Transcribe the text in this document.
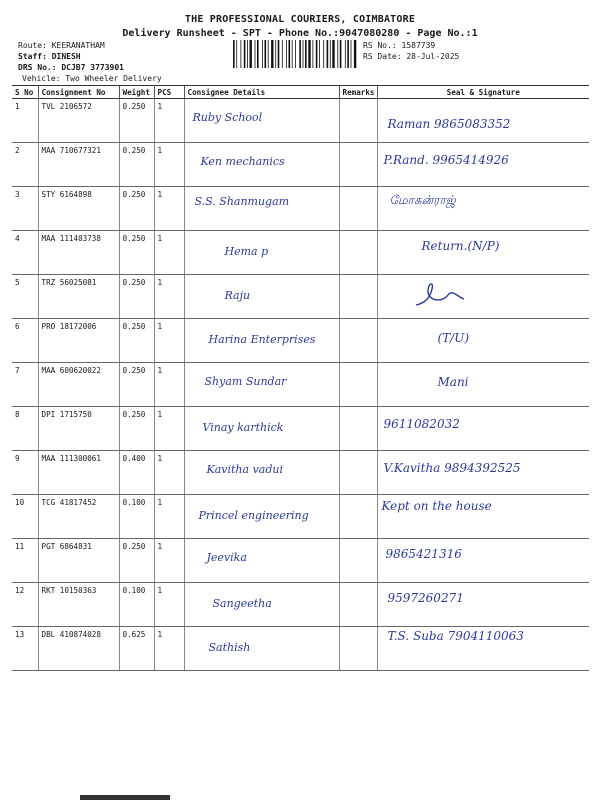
THE PROFESSIONAL COURIERS, COIMBATORE
Delivery Runsheet - SPT - Phone No.:9047080280 - Page No.:1
Route: KEERANATHAM
Staff: DINESH
DRS No.: DCJB7 3773901
Vehicle: Two Wheeler Delivery
RS No.: 1587739
RS Date: 28-Jul-2025
S No	Consignment No	Weight	PCS	Consignee Details	Remarks	Seal & Signature
1	TVL 2106572	0.250	1	Ruby School		Raman 9865083352

2	MAA 710677321	0.250	1	Ken mechanics		P.Rand. 9965414926

3	STY 6164898	0.250	1	S.S. Shanmugam		மோகன்ராஜ்

4	MAA 111403738	0.250	1	Hema p		Return.(N/P)

5	TRZ 56025081	0.250	1	Raju

6	PRO 18172006	0.250	1	Harina Enterprises		(T/U)

7	MAA 600620022	0.250	1	Shyam Sundar		Mani

8	DPI 1715750	0.250	1	Vinay karthick		9611082032

9	MAA 111300061	0.400	1	Kavitha vadui		V.Kavitha 9894392525

10	TCG 41817452	0.100	1	Princel engineering		Kept on the house

11	PGT 6864831	0.250	1	Jeevika		9865421316

12	RKT 10150363	0.100	1	Sangeetha		9597260271

13	DBL 410874028	0.625	1	Sathish		T.S. Suba 7904110063
